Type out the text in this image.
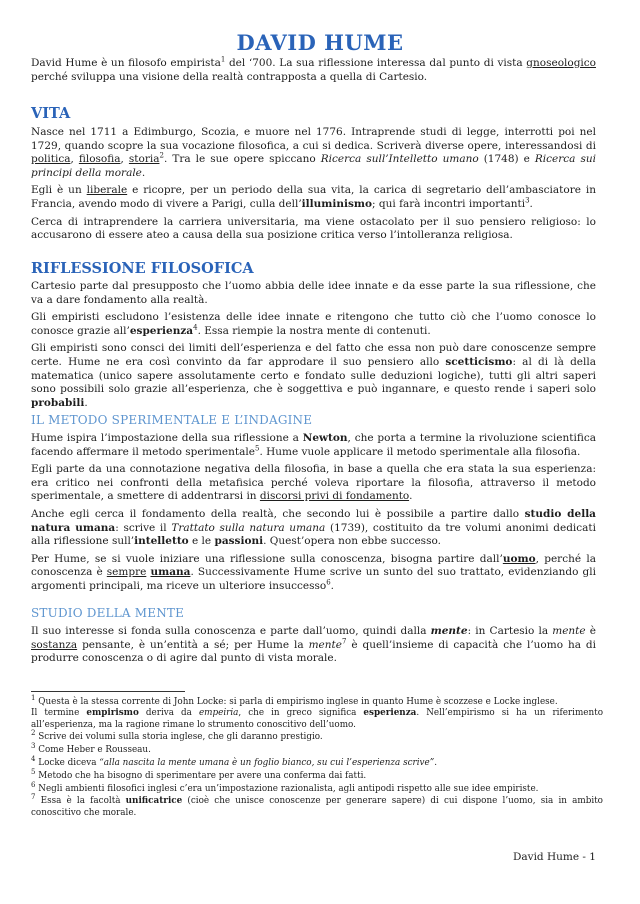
DAVID HUME

David Hume è un filosofo empirista$^1$ del ‘700. La sua riflessione interessa dal punto di vista gnoseologico perché sviluppa una visione della realtà contrapposta a quella di Cartesio.

VITA

Nasce nel 1711 a Edimburgo, Scozia, e muore nel 1776. Intraprende studi di legge, interrotti poi nel 1729, quando scopre la sua vocazione filosofica, a cui si dedica. Scriverà diverse opere, interessandosi di politica, filosofia, storia$^2$. Tra le sue opere spiccano Ricerca sull’Intelletto umano (1748) e Ricerca sui principi della morale.

Egli è un liberale e ricopre, per un periodo della sua vita, la carica di segretario dell’ambasciatore in Francia, avendo modo di vivere a Parigi, culla dell’illuminismo; qui farà incontri importanti$^3$.

Cerca di intraprendere la carriera universitaria, ma viene ostacolato per il suo pensiero religioso: lo accusarono di essere ateo a causa della sua posizione critica verso l’intolleranza religiosa.

RIFLESSIONE FILOSOFICA

Cartesio parte dal presupposto che l’uomo abbia delle idee innate e da esse parte la sua riflessione, che va a dare fondamento alla realtà.

Gli empiristi escludono l’esistenza delle idee innate e ritengono che tutto ciò che l’uomo conosce lo conosce grazie all’esperienza$^4$. Essa riempie la nostra mente di contenuti.

Gli empiristi sono consci dei limiti dell’esperienza e del fatto che essa non può dare conoscenze sempre certe. Hume ne era così convinto da far approdare il suo pensiero allo scetticismo: al di là della matematica (unico sapere assolutamente certo e fondato sulle deduzioni logiche), tutti gli altri saperi sono possibili solo grazie all’esperienza, che è soggettiva e può ingannare, e questo rende i saperi solo probabili.

IL METODO SPERIMENTALE E L’INDAGINE

Hume ispira l’impostazione della sua riflessione a Newton, che porta a termine la rivoluzione scientifica facendo affermare il metodo sperimentale$^5$. Hume vuole applicare il metodo sperimentale alla filosofia.

Egli parte da una connotazione negativa della filosofia, in base a quella che era stata la sua esperienza: era critico nei confronti della metafisica perché voleva riportare la filosofia, attraverso il metodo sperimentale, a smettere di addentrarsi in discorsi privi di fondamento.

Anche egli cerca il fondamento della realtà, che secondo lui è possibile a partire dallo studio della natura umana: scrive il Trattato sulla natura umana (1739), costituito da tre volumi anonimi dedicati alla riflessione sull’intelletto e le passioni. Quest’opera non ebbe successo.

Per Hume, se si vuole iniziare una riflessione sulla conoscenza, bisogna partire dall’uomo, perché la conoscenza è sempre umana. Successivamente Hume scrive un sunto del suo trattato, evidenziando gli argomenti principali, ma riceve un ulteriore insuccesso$^6$.

STUDIO DELLA MENTE

Il suo interesse si fonda sulla conoscenza e parte dall’uomo, quindi dalla mente: in Cartesio la mente è sostanza pensante, è un’entità a sé; per Hume la mente$^7$ è quell’insieme di capacità che l’uomo ha di produrre conoscenza o di agire dal punto di vista morale.

$^1$ Questa è la stessa corrente di John Locke: si parla di empirismo inglese in quanto Hume è scozzese e Locke inglese.
Il termine empirismo deriva da empeiria, che in greco significa esperienza. Nell’empirismo si ha un riferimento all’esperienza, ma la ragione rimane lo strumento conoscitivo dell’uomo.

$^2$ Scrive dei volumi sulla storia inglese, che gli daranno prestigio.

$^3$ Come Heber e Rousseau.

$^4$ Locke diceva “alla nascita la mente umana è un foglio bianco, su cui l’esperienza scrive”.

$^5$ Metodo che ha bisogno di sperimentare per avere una conferma dai fatti.

$^6$ Negli ambienti filosofici inglesi c’era un’impostazione razionalista, agli antipodi rispetto alle sue idee empiriste.

$^7$ Essa è la facoltà unificatrice (cioè che unisce conoscenze per generare sapere) di cui dispone l’uomo, sia in ambito conoscitivo che morale.

David Hume - 1
